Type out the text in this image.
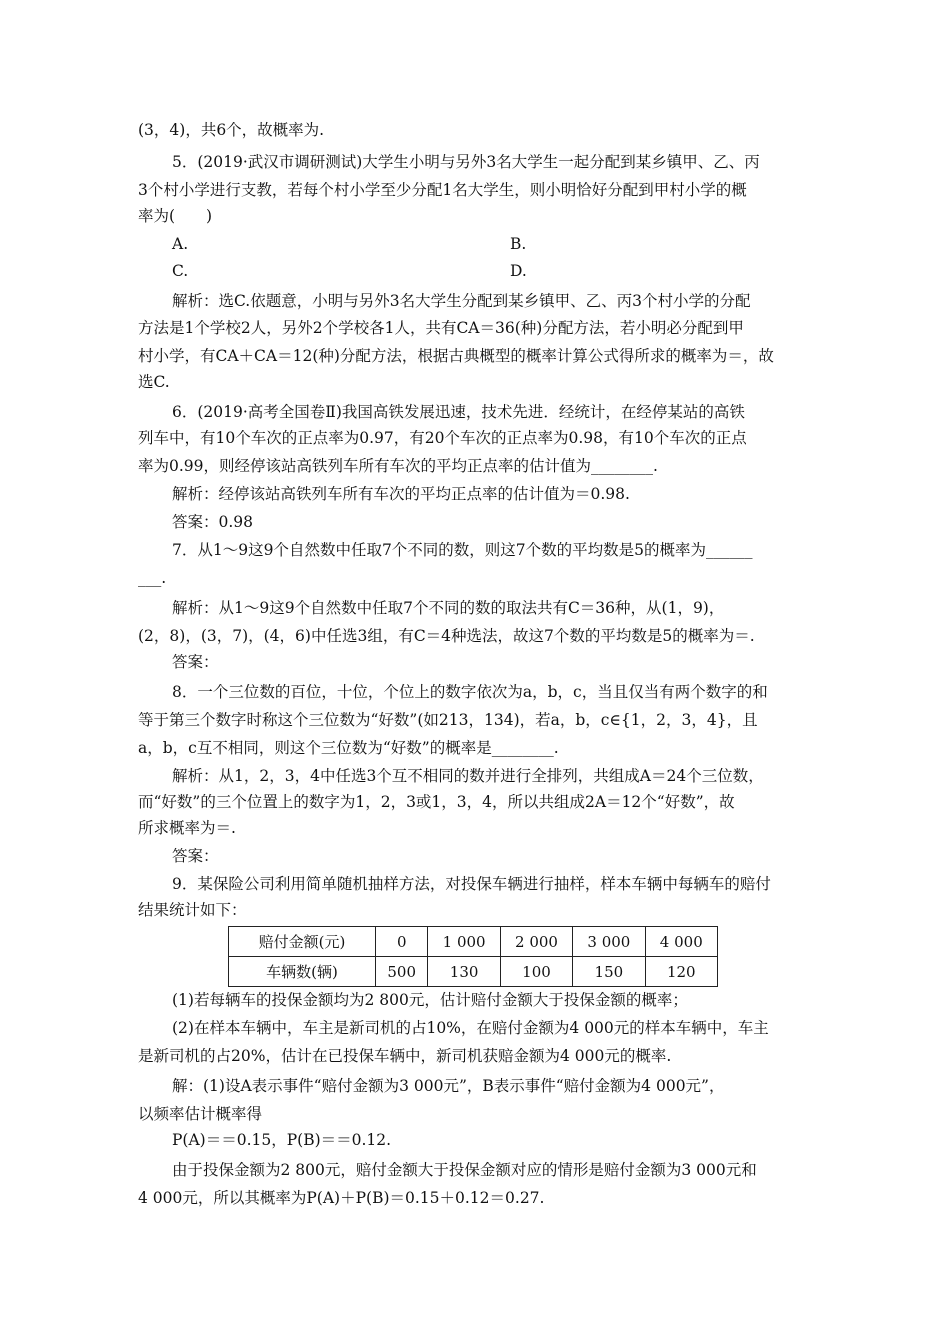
(3，4)，共6个，故概率为.
5．(2019·武汉市调研测试)大学生小明与另外3名大学生一起分配到某乡镇甲、乙、丙
3个村小学进行支教，若每个村小学至少分配1名大学生，则小明恰好分配到甲村小学的概
率为(　　)
A.	B.
C.	D.
解析：选C.依题意，小明与另外3名大学生分配到某乡镇甲、乙、丙3个村小学的分配
方法是1个学校2人，另外2个学校各1人，共有CA＝36(种)分配方法，若小明必分配到甲
村小学，有CA＋CA＝12(种)分配方法，根据古典概型的概率计算公式得所求的概率为＝，故
选C.
6．(2019·高考全国卷Ⅱ)我国高铁发展迅速，技术先进．经统计，在经停某站的高铁
列车中，有10个车次的正点率为0.97，有20个车次的正点率为0.98，有10个车次的正点
率为0.99，则经停该站高铁列车所有车次的平均正点率的估计值为________.
解析：经停该站高铁列车所有车次的平均正点率的估计值为＝0.98.
答案：0.98
7．从1～9这9个自然数中任取7个不同的数，则这7个数的平均数是5的概率为______
___.
解析：从1～9这9个自然数中任取7个不同的数的取法共有C＝36种，从(1，9)，
(2，8)，(3，7)，(4，6)中任选3组，有C＝4种选法，故这7个数的平均数是5的概率为＝.
答案：
8．一个三位数的百位，十位，个位上的数字依次为a，b，c，当且仅当有两个数字的和
等于第三个数字时称这个三位数为“好数”(如213，134)，若a，b，c∈{1，2，3，4}，且
a，b，c互不相同，则这个三位数为“好数”的概率是________.
解析：从1，2，3，4中任选3个互不相同的数并进行全排列，共组成A＝24个三位数，
而“好数”的三个位置上的数字为1，2，3或1，3，4，所以共组成2A＝12个“好数”，故
所求概率为＝.
答案：
9．某保险公司利用简单随机抽样方法，对投保车辆进行抽样，样本车辆中每辆车的赔付
结果统计如下：
赔付金额(元)	0	1 000	2 000	3 000	4 000
车辆数(辆)	500	130	100	150	120
(1)若每辆车的投保金额均为2 800元，估计赔付金额大于投保金额的概率；
(2)在样本车辆中，车主是新司机的占10%，在赔付金额为4 000元的样本车辆中，车主
是新司机的占20%，估计在已投保车辆中，新司机获赔金额为4 000元的概率.
解：(1)设A表示事件“赔付金额为3 000元”，B表示事件“赔付金额为4 000元”，
以频率估计概率得
P(A)＝＝0.15，P(B)＝＝0.12.
由于投保金额为2 800元，赔付金额大于投保金额对应的情形是赔付金额为3 000元和
4 000元，所以其概率为P(A)＋P(B)＝0.15＋0.12＝0.27.
